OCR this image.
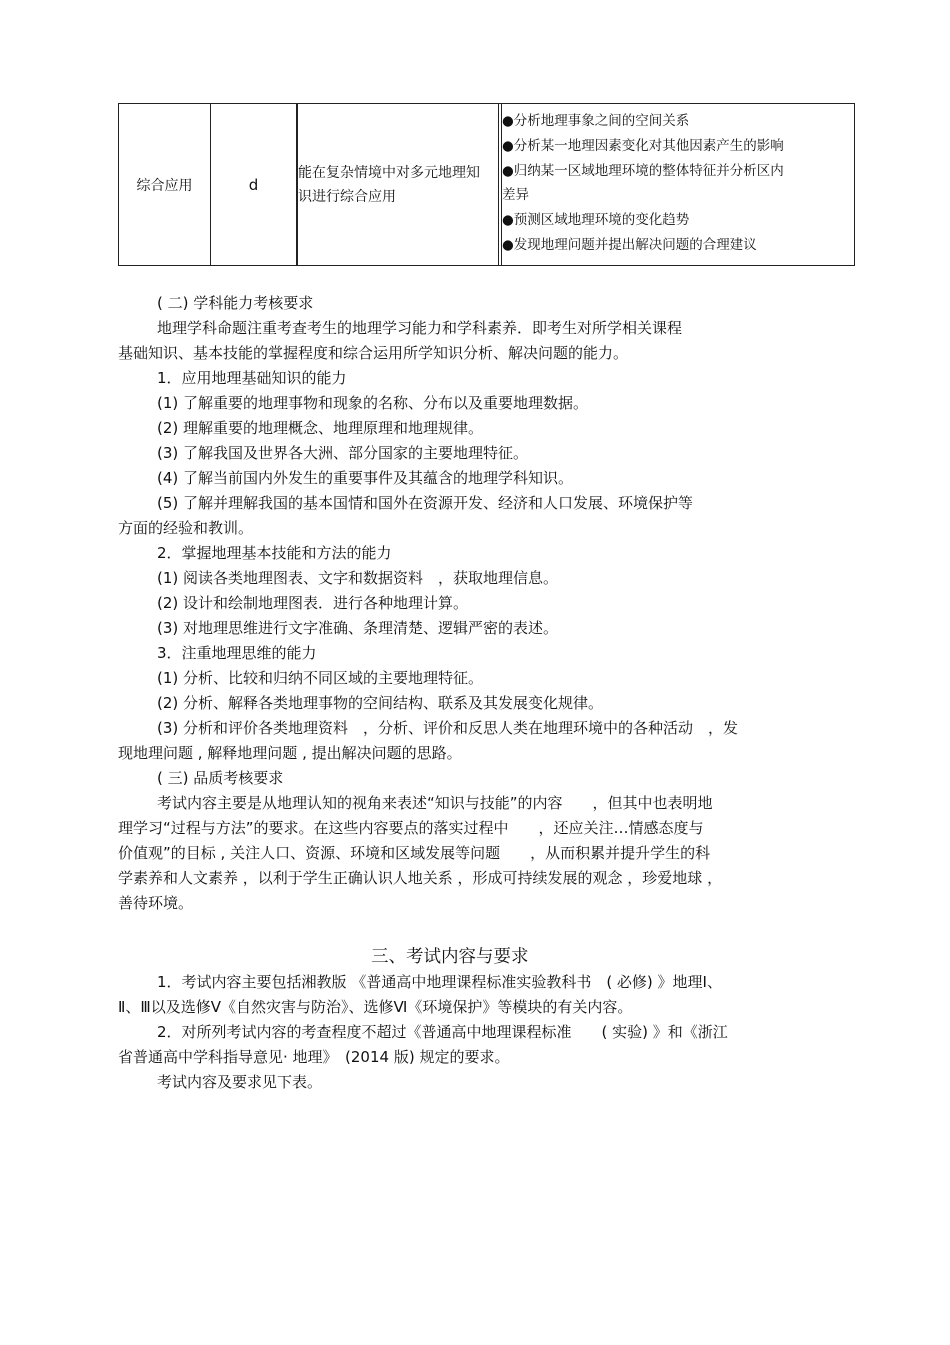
综合应用	d

能在复杂情境中对多元地理知识进行综合应用

●分析地理事象之间的空间关系
●分析某一地理因素变化对其他因素产生的影响
●归纳某一区域地理环境的整体特征并分析区内
差异
●预测区域地理环境的变化趋势
●发现地理问题并提出解决问题的合理建议
( 二) 学科能力考核要求
地理学科命题注重考查考生的地理学习能力和学科素养．即考生对所学相关课程
基础知识、基本技能的掌握程度和综合运用所学知识分析、解决问题的能力。
1．应用地理基础知识的能力
(1) 了解重要的地理事物和现象的名称、分布以及重要地理数据。
(2) 理解重要的地理概念、地理原理和地理规律。
(3) 了解我国及世界各大洲、部分国家的主要地理特征。
(4) 了解当前国内外发生的重要事件及其蕴含的地理学科知识。
(5) 了解并理解我国的基本国情和国外在资源开发、经济和人口发展、环境保护等
方面的经验和教训。
2．掌握地理基本技能和方法的能力
(1) 阅读各类地理图表、文字和数据资料　，获取地理信息。
(2) 设计和绘制地理图表．进行各种地理计算。
(3) 对地理思维进行文字准确、条理清楚、逻辑严密的表述。
3．注重地理思维的能力
(1) 分析、比较和归纳不同区域的主要地理特征。
(2) 分析、解释各类地理事物的空间结构、联系及其发展变化规律。
(3) 分析和评价各类地理资料　，分析、评价和反思人类在地理环境中的各种活动　，发
现地理问题 , 解释地理问题 , 提出解决问题的思路。
( 三) 品质考核要求
考试内容主要是从地理认知的视角来表述“知识与技能”的内容　　，但其中也表明地
理学习“过程与方法”的要求。在这些内容要点的落实过程中　　，还应关注…情感态度与
价值观”的目标 , 关注人口、资源、环境和区域发展等问题　　，从而积累并提升学生的科
学素养和人文素养 ，以利于学生正确认识人地关系 ，形成可持续发展的观念 ，珍爱地球 ，
善待环境。
三、考试内容与要求
1．考试内容主要包括湘教版 《普通高中地理课程标准实验教科书　( 必修) 》地理Ⅰ、
Ⅱ、Ⅲ以及选修Ⅴ《自然灾害与防治》、选修Ⅵ《环境保护》等模块的有关内容。
2．对所列考试内容的考查程度不超过《普通高中地理课程标准　　( 实验) 》和《浙江
省普通高中学科指导意见· 地理》　(2014 版) 规定的要求。
考试内容及要求见下表。
